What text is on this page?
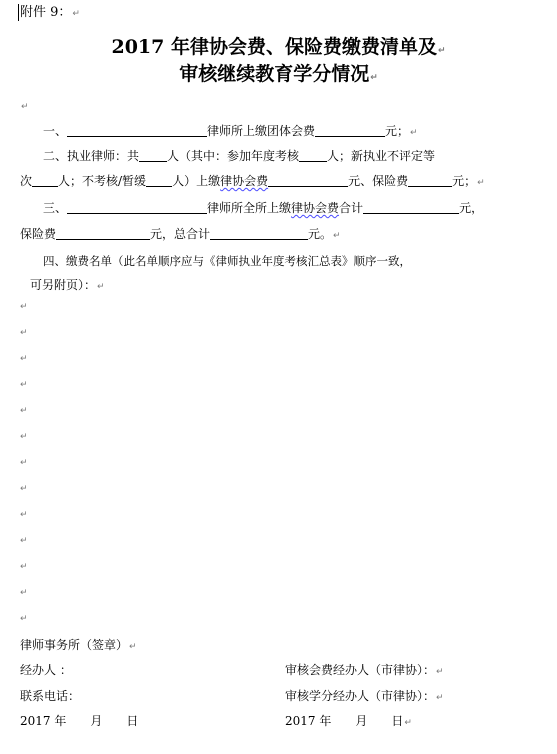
附件 9：↵
2017 年律协会费、保险费缴费清单及↵
审核继续教育学分情况↵
↵
一、	律师所上缴团体会费	元；↵
二、执业律师：共 人（其中：参加年度考核 人；新执业不评定等
次 人；不考核/暂缓 人）上缴律协会费	元、保险费	元；↵
三、	律师所全所上缴律协会费合计	元，
保险费	元，总合计	元。↵
四、缴费名单（此名单顺序应与《律师执业年度考核汇总表》顺序一致，
可另附页）：↵
↵
↵
↵
↵
↵
↵
↵
↵
↵
↵
↵
↵
↵
律师事务所（签章）↵
经办人 ：	审核会费经办人（市律协）：↵
联系电话：	审核学分经办人（市律协）：↵
2017 年　　月　　日	2017 年　　月　　日↵
